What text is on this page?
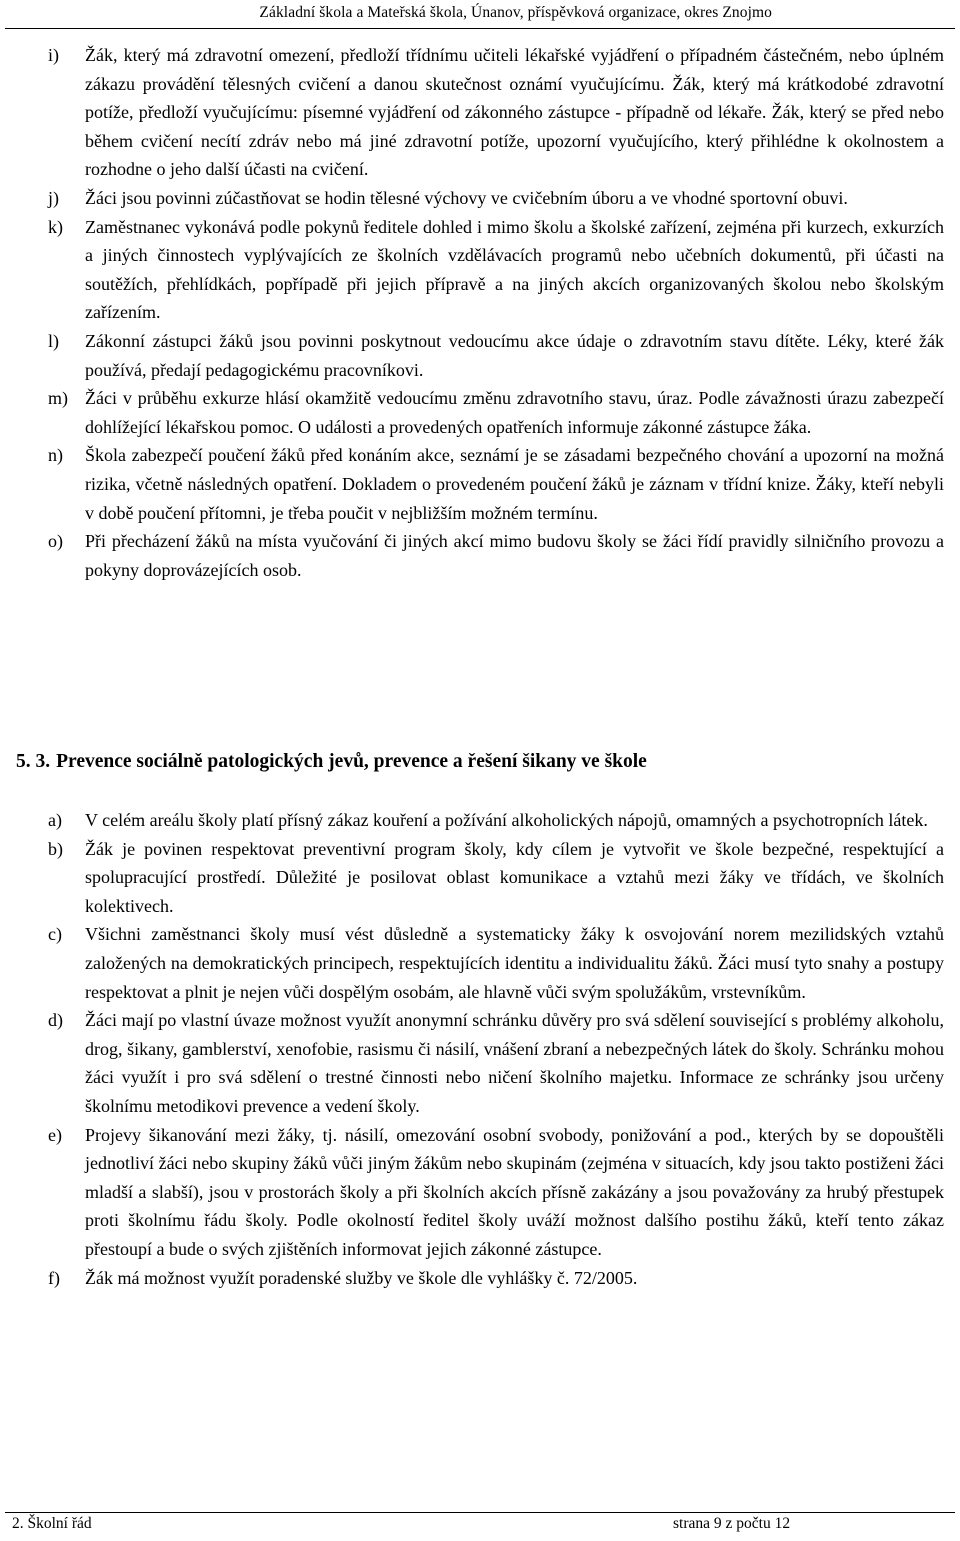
Základní škola a Mateřská škola, Únanov, příspěvková organizace, okres Znojmo
i) Žák, který má zdravotní omezení, předloží třídnímu učiteli lékařské vyjádření o případném částečném, nebo úplném zákazu provádění tělesných cvičení a danou skutečnost oznámí vyučujícímu. Žák, který má krátkodobé zdravotní potíže, předloží vyučujícímu: písemné vyjádření od zákonného zástupce - případně od lékaře. Žák, který se před nebo během cvičení necítí zdráv nebo má jiné zdravotní potíže, upozorní vyučujícího, který přihlédne k okolnostem a rozhodne o jeho další účasti na cvičení.
j) Žáci jsou povinni zúčastňovat se hodin tělesné výchovy ve cvičebním úboru a ve vhodné sportovní obuvi.
k) Zaměstnanec vykonává podle pokynů ředitele dohled i mimo školu a školské zařízení, zejména při kurzech, exkurzích a jiných činnostech vyplývajících ze školních vzdělávacích programů nebo učebních dokumentů, při účasti na soutěžích, přehlídkách, popřípadě při jejich přípravě a na jiných akcích organizovaných školou nebo školským zařízením.
l) Zákonní zástupci žáků jsou povinni poskytnout vedoucímu akce údaje o zdravotním stavu dítěte. Léky, které žák používá, předají pedagogickému pracovníkovi.
m) Žáci v průběhu exkurze hlásí okamžitě vedoucímu změnu zdravotního stavu, úraz. Podle závažnosti úrazu zabezpečí dohlížející lékařskou pomoc. O události a provedených opatřeních informuje zákonné zástupce žáka.
n) Škola zabezpečí poučení žáků před konáním akce, seznámí je se zásadami bezpečného chování a upozorní na možná rizika, včetně následných opatření. Dokladem o provedeném poučení žáků je záznam v třídní knize. Žáky, kteří nebyli v době poučení přítomni, je třeba poučit v nejbližším možném termínu.
o) Při přecházení žáků na místa vyučování či jiných akcí mimo budovu školy se žáci řídí pravidly silničního provozu a pokyny doprovázejících osob.
5. 3. Prevence sociálně patologických jevů, prevence a řešení šikany ve škole
a) V celém areálu školy platí přísný zákaz kouření a požívání alkoholických nápojů, omamných a psychotropních látek.
b) Žák je povinen respektovat preventivní program školy, kdy cílem je vytvořit ve škole bezpečné, respektující a spolupracující prostředí. Důležité je posilovat oblast komunikace a vztahů mezi žáky ve třídách, ve školních kolektivech.
c) Všichni zaměstnanci školy musí vést důsledně a systematicky žáky k osvojování norem mezilidských vztahů založených na demokratických principech, respektujících identitu a individualitu žáků. Žáci musí tyto snahy a postupy respektovat a plnit je nejen vůči dospělým osobám, ale hlavně vůči svým spolužákům, vrstevníkům.
d) Žáci mají po vlastní úvaze možnost využít anonymní schránku důvěry pro svá sdělení související s problémy alkoholu, drog, šikany, gamblerství, xenofobie, rasismu či násilí, vnášení zbraní a nebezpečných látek do školy. Schránku mohou žáci využít i pro svá sdělení o trestné činnosti nebo ničení školního majetku. Informace ze schránky jsou určeny školnímu metodikovi prevence a vedení školy.
e) Projevy šikanování mezi žáky, tj. násilí, omezování osobní svobody, ponižování a pod., kterých by se dopouštěli jednotliví žáci nebo skupiny žáků vůči jiným žákům nebo skupinám (zejména v situacích, kdy jsou takto postiženi žáci mladší a slabší), jsou v prostorách školy a při školních akcích přísně zakázány a jsou považovány za hrubý přestupek proti školnímu řádu školy. Podle okolností ředitel školy uváží možnost dalšího postihu žáků, kteří tento zákaz přestoupí a bude o svých zjištěních informovat jejich zákonné zástupce.
f) Žák má možnost využít poradenské služby ve škole dle vyhlášky č. 72/2005.
2. Školní řád	strana 9 z počtu 12
